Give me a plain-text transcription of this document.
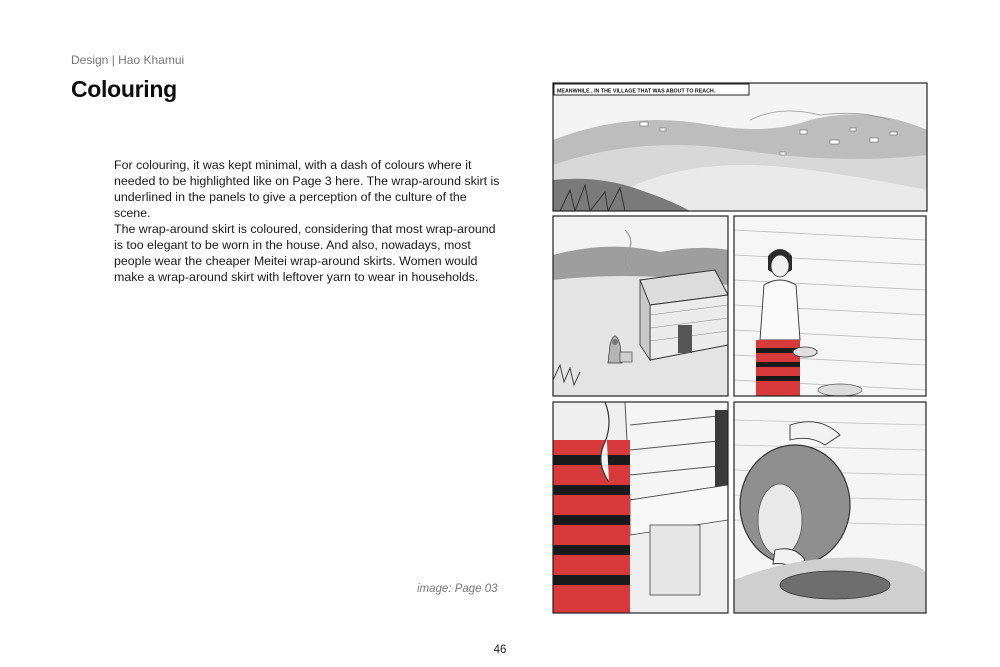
Design | Hao Khamui
Colouring

For colouring, it was kept minimal, with a dash of colours where it needed to be highlighted like on Page 3 here. The wrap-around skirt is underlined in the panels to give a perception of the culture of the scene.

The wrap-around skirt is coloured, considering that most wrap-around is too elegant to be worn in the house. And also, nowadays, most people wear the cheaper Meitei wrap-around skirts. Women would make a wrap-around skirt with leftover yarn to wear in households.

image: Page 03
MEANWHILE , IN THE VILLAGE THAT WAS ABOUT TO REACH.
46
